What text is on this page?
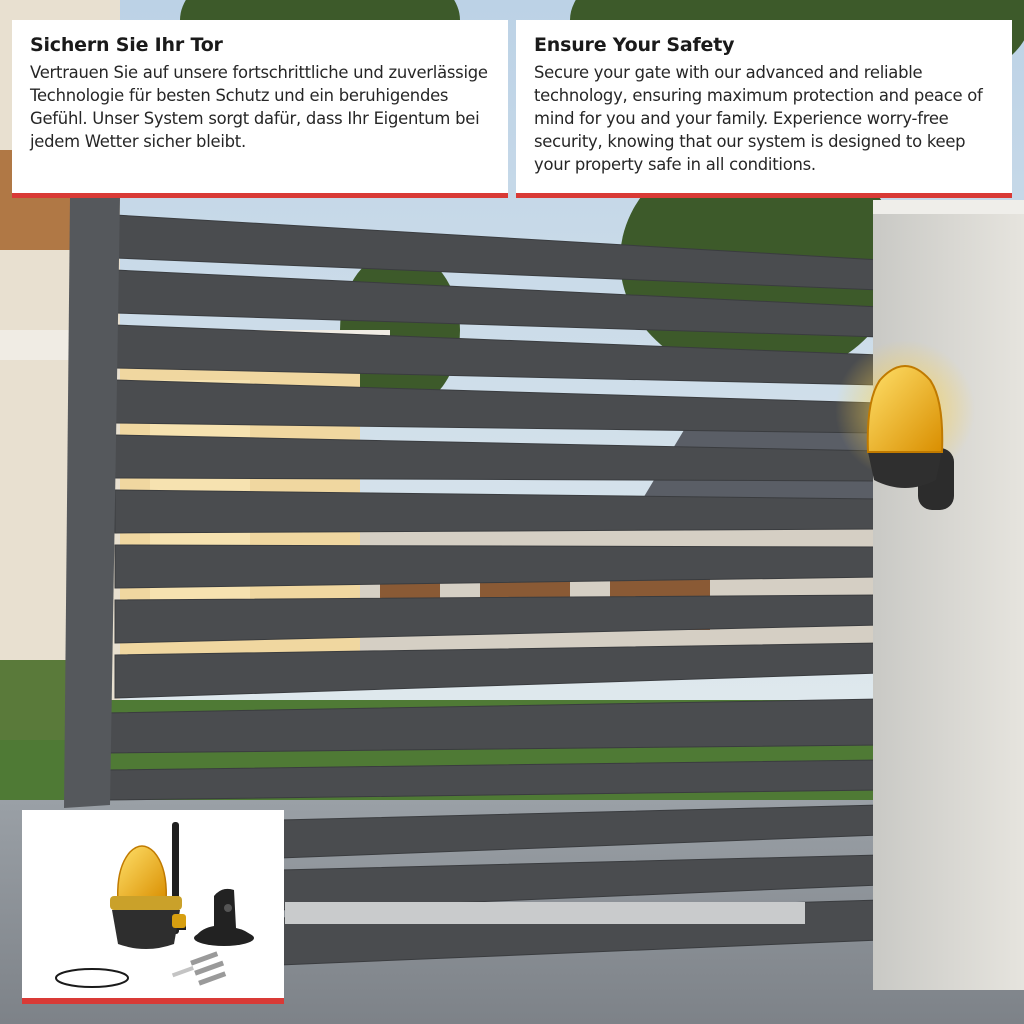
Sichern Sie Ihr Tor

Vertrauen Sie auf unsere fortschrittliche und zuverlässige Technologie für besten Schutz und ein beruhigendes Gefühl. Unser System sorgt dafür, dass Ihr Eigentum bei jedem Wetter sicher bleibt.

Ensure Your Safety

Secure your gate with our advanced and reliable technology, ensuring maximum protection and peace of mind for you and your family. Experience worry-free security, knowing that our system is designed to keep your property safe in all conditions.
